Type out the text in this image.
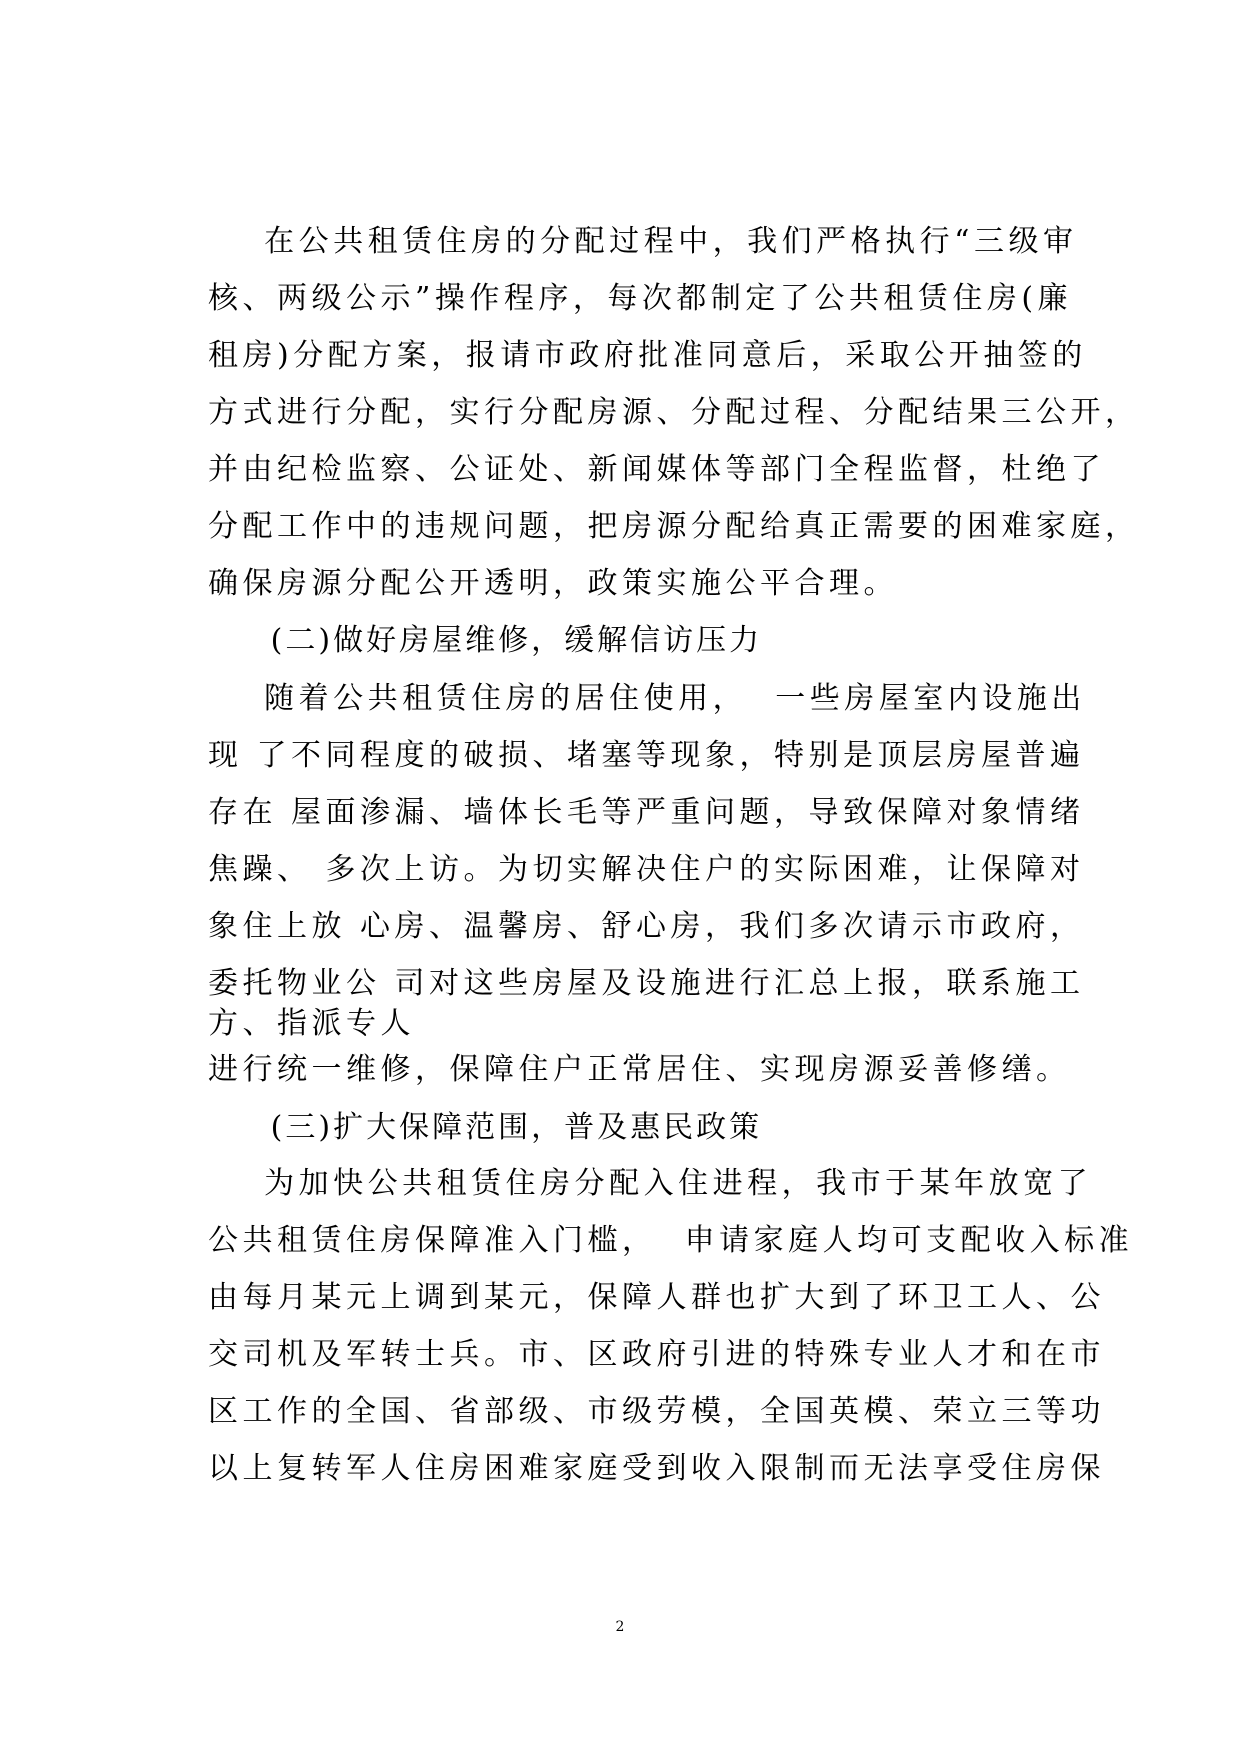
在公共租赁住房的分配过程中，我们严格执行“三级审
核、两级公示”操作程序，每次都制定了公共租赁住房(廉
租房)分配方案，报请市政府批准同意后，采取公开抽签的
方式进行分配，实行分配房源、分配过程、分配结果三公开，
并由纪检监察、公证处、新闻媒体等部门全程监督，杜绝了
分配工作中的违规问题，把房源分配给真正需要的困难家庭，
确保房源分配公开透明，政策实施公平合理。
(二)做好房屋维修，缓解信访压力
随着公共租赁住房的居住使用，  一些房屋室内设施出
现 了不同程度的破损、堵塞等现象，特别是顶层房屋普遍
存在 屋面渗漏、墙体长毛等严重问题，导致保障对象情绪
焦躁、 多次上访。为切实解决住户的实际困难，让保障对
象住上放 心房、温馨房、舒心房，我们多次请示市政府，
委托物业公 司对这些房屋及设施进行汇总上报，联系施工
方、指派专人
进行统一维修，保障住户正常居住、实现房源妥善修缮。
(三)扩大保障范围，普及惠民政策
为加快公共租赁住房分配入住进程，我市于某年放宽了
公共租赁住房保障准入门槛，  申请家庭人均可支配收入标准
由每月某元上调到某元，保障人群也扩大到了环卫工人、公
交司机及军转士兵。市、区政府引进的特殊专业人才和在市
区工作的全国、省部级、市级劳模，全国英模、荣立三等功
以上复转军人住房困难家庭受到收入限制而无法享受住房保
2
